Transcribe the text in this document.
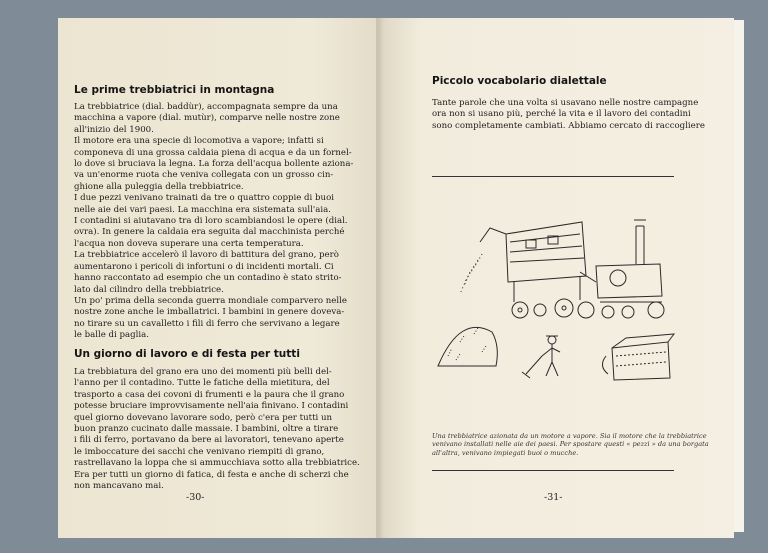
Le prime trebbiatrici in montagna

La trebbiatrice (dial. baddùr), accompagnata sempre da una

macchina a vapore (dial. mutùr), comparve nelle nostre zone

all'inizio del 1900.

Il motore era una specie di locomotiva a vapore; infatti si

componeva di una grossa caldaia piena di acqua e da un fornel-

lo dove si bruciava la legna. La forza dell'acqua bollente aziona-

va un'enorme ruota che veniva collegata con un grosso cin-

ghione alla puleggia della trebbiatrice.

I due pezzi venivano trainati da tre o quattro coppie di buoi

nelle aie dei vari paesi. La macchina era sistemata sull'aia.

I contadini si aiutavano tra di loro scambiandosi le opere (dial.

ovra). In genere la caldaia era seguita dal macchinista perché

l'acqua non doveva superare una certa temperatura.

La trebbiatrice accelerò il lavoro di battitura del grano, però

aumentarono i pericoli di infortuni o di incidenti mortali. Ci

hanno raccontato ad esempio che un contadino è stato strito-

lato dal cilindro della trebbiatrice.

Un po' prima della seconda guerra mondiale comparvero nelle

nostre zone anche le imballatrici. I bambini in genere doveva-

no tirare su un cavalletto i fili di ferro che servivano a legare

le balle di paglia.

Un giorno di lavoro e di festa per tutti

La trebbiatura del grano era uno dei momenti più belli del-

l'anno per il contadino. Tutte le fatiche della mietitura, del

trasporto a casa dei covoni di frumenti e la paura che il grano

potesse bruciare improvvisamente nell'aia finivano. I contadini

quel giorno dovevano lavorare sodo, però c'era per tutti un

buon pranzo cucinato dalle massaie. I bambini, oltre a tirare

i fili di ferro, portavano da bere ai lavoratori, tenevano aperte

le imboccature dei sacchi che venivano riempiti di grano,

rastrellavano la loppa che si ammucchiava sotto alla trebbiatrice.

Era per tutti un giorno di fatica, di festa e anche di scherzi che

non mancavano mai.

-30-
Piccolo vocabolario dialettale

Tante parole che una volta si usavano nelle nostre campagne

ora non si usano più, perché la vita e il lavoro dei contadini

sono completamente cambiati. Abbiamo cercato di raccogliere

Una trebbiatrice azionata da un motore a vapore. Sia il motore che la trebbiatrice

venivano installati nelle aie dei paesi. Per spostare questi « pezzi » da una borgata

all'altra, venivano impiegati buoi o mucche.

-31-
